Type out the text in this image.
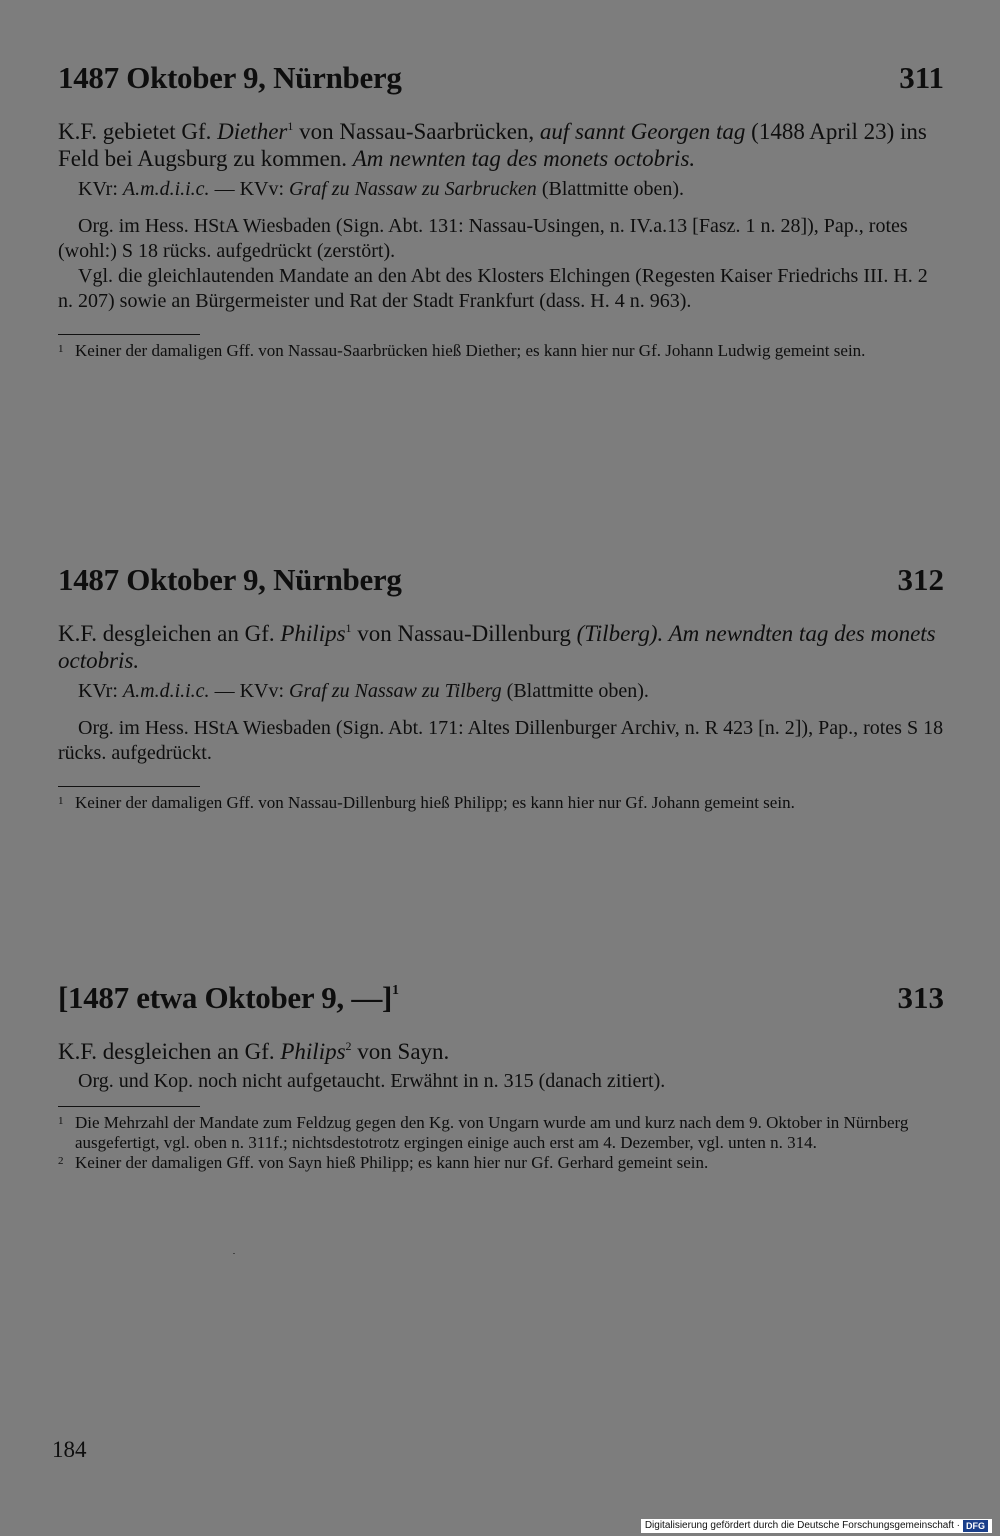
1487 Oktober 9, Nürnberg	311
K.F. gebietet Gf. Diether$^1$ von Nassau-Saarbrücken, auf sannt Georgen tag (1488 April 23) ins Feld bei Augsburg zu kommen. Am newnten tag des monets octobris.
KVr: A.m.d.i.i.c. — KVv: Graf zu Nassaw zu Sarbrucken (Blattmitte oben).
Org. im Hess. HStA Wiesbaden (Sign. Abt. 131: Nassau-Usingen, n. IV.a.13 [Fasz. 1 n. 28]), Pap., rotes (wohl:) S 18 rücks. aufgedrückt (zerstört).
Vgl. die gleichlautenden Mandate an den Abt des Klosters Elchingen (Regesten Kaiser Friedrichs III. H. 2 n. 207) sowie an Bürgermeister und Rat der Stadt Frankfurt (dass. H. 4 n. 963).
1 Keiner der damaligen Gff. von Nassau-Saarbrücken hieß Diether; es kann hier nur Gf. Johann Ludwig gemeint sein.
1487 Oktober 9, Nürnberg	312
K.F. desgleichen an Gf. Philips$^1$ von Nassau-Dillenburg (Tilberg). Am newndten tag des monets octobris.
KVr: A.m.d.i.i.c. — KVv: Graf zu Nassaw zu Tilberg (Blattmitte oben).
Org. im Hess. HStA Wiesbaden (Sign. Abt. 171: Altes Dillenburger Archiv, n. R 423 [n. 2]), Pap., rotes S 18 rücks. aufgedrückt.
1 Keiner der damaligen Gff. von Nassau-Dillenburg hieß Philipp; es kann hier nur Gf. Johann gemeint sein.
[1487 etwa Oktober 9, —]$^1$	313
K.F. desgleichen an Gf. Philips$^2$ von Sayn.
Org. und Kop. noch nicht aufgetaucht. Erwähnt in n. 315 (danach zitiert).
1 Die Mehrzahl der Mandate zum Feldzug gegen den Kg. von Ungarn wurde am und kurz nach dem 9. Oktober in Nürnberg ausgefertigt, vgl. oben n. 311f.; nichtsdestotrotz ergingen einige auch erst am 4. Dezember, vgl. unten n. 314.
2 Keiner der damaligen Gff. von Sayn hieß Philipp; es kann hier nur Gf. Gerhard gemeint sein.
184
Digitalisierung gefördert durch die Deutsche Forschungsgemeinschaft · DFG
